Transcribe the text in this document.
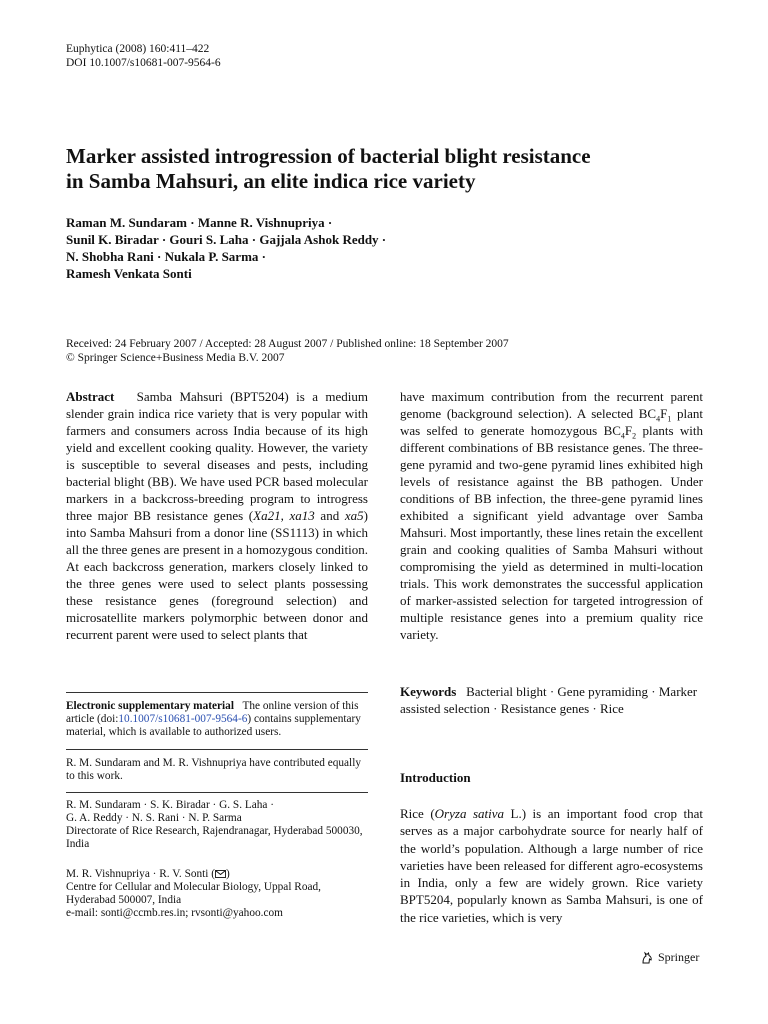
Euphytica (2008) 160:411–422
DOI 10.1007/s10681-007-9564-6
Marker assisted introgression of bacterial blight resistance
in Samba Mahsuri, an elite indica rice variety
Raman M. Sundaram · Manne R. Vishnupriya ·
Sunil K. Biradar · Gouri S. Laha · Gajjala Ashok Reddy ·
N. Shobha Rani · Nukala P. Sarma ·
Ramesh Venkata Sonti
Received: 24 February 2007 / Accepted: 28 August 2007 / Published online: 18 September 2007
© Springer Science+Business Media B.V. 2007

Abstract Samba Mahsuri (BPT5204) is a medium slender grain indica rice variety that is very popular with farmers and consumers across India because of its high yield and excellent cooking quality. However, the variety is susceptible to several diseases and pests, including bacterial blight (BB). We have used PCR based molecular markers in a backcross-breeding program to introgress three major BB resistance genes (Xa21, xa13 and xa5) into Samba Mahsuri from a donor line (SS1113) in which all the three genes are present in a homozygous condition. At each backcross generation, markers closely linked to the three genes were used to select plants possessing these resistance genes (foreground selection) and microsatellite markers polymorphic between donor and recurrent parent were used to select plants that

have maximum contribution from the recurrent parent genome (background selection). A selected $BC_4F_1$ plant was selfed to generate homozygous $BC_4F_2$ plants with different combinations of BB resistance genes. The three-gene pyramid and two-gene pyramid lines exhibited high levels of resistance against the BB pathogen. Under conditions of BB infection, the three-gene pyramid lines exhibited a significant yield advantage over Samba Mahsuri. Most importantly, these lines retain the excellent grain and cooking qualities of Samba Mahsuri without compromising the yield as determined in multi-location trials. This work demonstrates the successful application of marker-assisted selection for targeted introgression of multiple resistance genes into a premium quality rice variety.

Keywords Bacterial blight · Gene pyramiding · Marker assisted selection · Resistance genes · Rice
Introduction
Rice (Oryza sativa L.) is an important food crop that serves as a major carbohydrate source for nearly half of the world’s population. Although a large number of rice varieties have been released for different agro-ecosystems in India, only a few are widely grown. Rice variety BPT5204, popularly known as Samba Mahsuri, is one of the rice varieties, which is very
Electronic supplementary material The online version of this article (doi:10.1007/s10681-007-9564-6) contains supplementary material, which is available to authorized users.
R. M. Sundaram and M. R. Vishnupriya have contributed equally to this work.
R. M. Sundaram · S. K. Biradar · G. S. Laha ·
G. A. Reddy · N. S. Rani · N. P. Sarma
Directorate of Rice Research, Rajendranagar, Hyderabad 500030, India
M. R. Vishnupriya · R. V. Sonti ( )
Centre for Cellular and Molecular Biology, Uppal Road, Hyderabad 500007, India
e-mail: sonti@ccmb.res.in; rvsonti@yahoo.com
Springer
